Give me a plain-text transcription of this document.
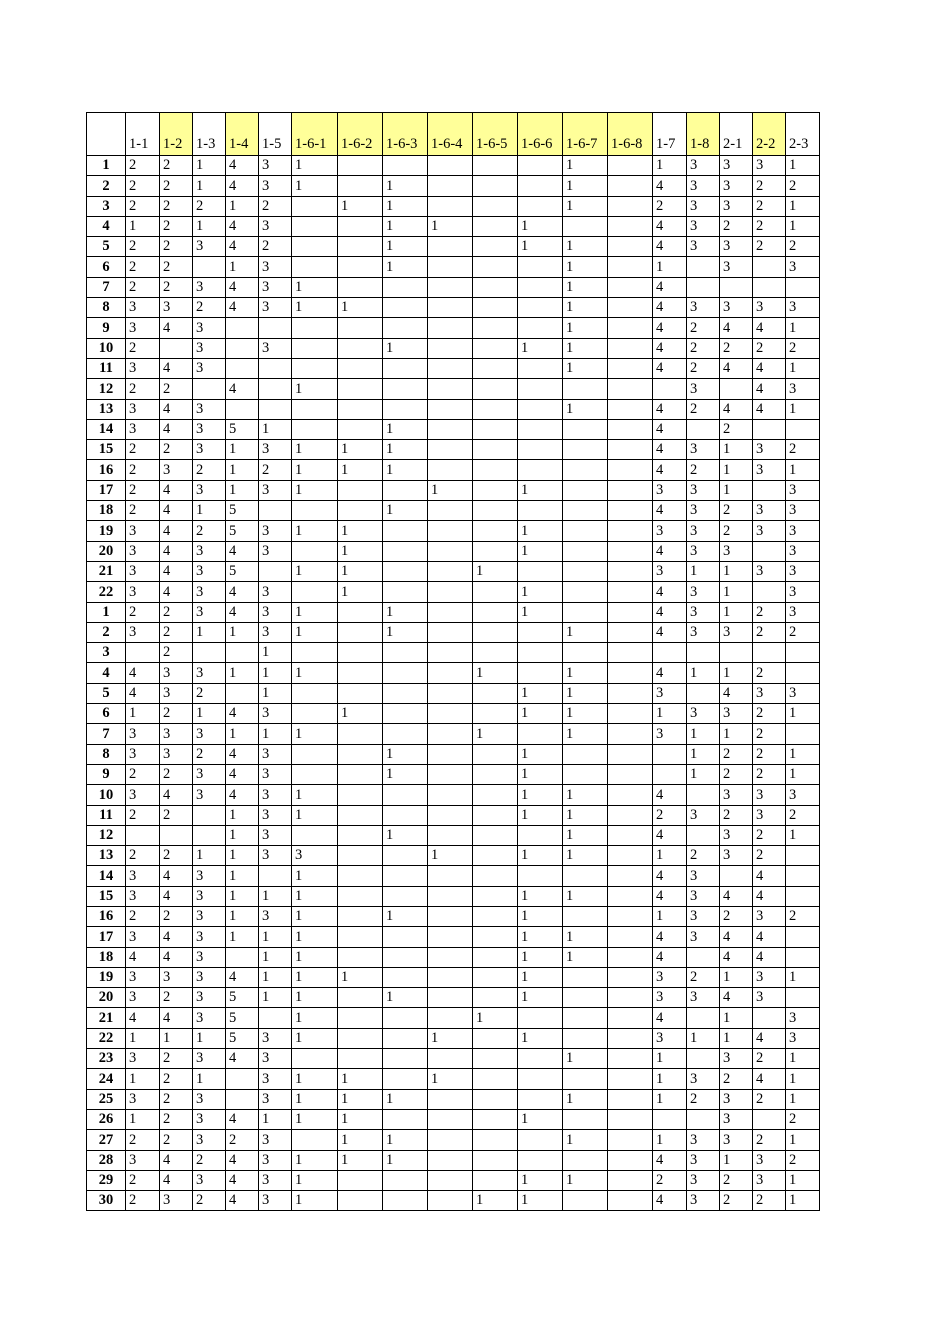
	1-1	1-2	1-3	1-4	1-5	1-6-1	1-6-2	1-6-3	1-6-4	1-6-5	1-6-6	1-6-7	1-6-8	1-7	1-8	2-1	2-2	2-3
1	2	2	1	4	3	1						1		1	3	3	3	1
2	2	2	1	4	3	1		1				1		4	3	3	2	2
3	2	2	2	1	2		1	1				1		2	3	3	2	1
4	1	2	1	4	3			1	1		1			4	3	2	2	1
5	2	2	3	4	2			1			1	1		4	3	3	2	2
6	2	2		1	3			1				1		1		3		3
7	2	2	3	4	3	1						1		4				
8	3	3	2	4	3	1	1					1		4	3	3	3	3
9	3	4	3									1		4	2	4	4	1
10	2		3		3			1			1	1		4	2	2	2	2
11	3	4	3									1		4	2	4	4	1
12	2	2		4		1									3		4	3
13	3	4	3									1		4	2	4	4	1
14	3	4	3	5	1			1						4		2		
15	2	2	3	1	3	1	1	1						4	3	1	3	2
16	2	3	2	1	2	1	1	1						4	2	1	3	1
17	2	4	3	1	3	1			1		1			3	3	1		3
18	2	4	1	5				1						4	3	2	3	3
19	3	4	2	5	3	1	1				1			3	3	2	3	3
20	3	4	3	4	3		1				1			4	3	3		3
21	3	4	3	5		1	1			1				3	1	1	3	3
22	3	4	3	4	3		1				1			4	3	1		3
1	2	2	3	4	3	1		1			1			4	3	1	2	3
2	3	2	1	1	3	1		1				1		4	3	3	2	2
3		2			1													
4	4	3	3	1	1	1				1		1		4	1	1	2	
5	4	3	2		1						1	1		3		4	3	3
6	1	2	1	4	3		1				1	1		1	3	3	2	1
7	3	3	3	1	1	1				1		1		3	1	1	2	
8	3	3	2	4	3			1			1				1	2	2	1
9	2	2	3	4	3			1			1				1	2	2	1
10	3	4	3	4	3	1					1	1		4		3	3	3
11	2	2		1	3	1					1	1		2	3	2	3	2
12				1	3			1				1		4		3	2	1
13	2	2	1	1	3	3			1		1	1		1	2	3	2	
14	3	4	3	1		1								4	3		4	
15	3	4	3	1	1	1					1	1		4	3	4	4	
16	2	2	3	1	3	1		1			1			1	3	2	3	2
17	3	4	3	1	1	1					1	1		4	3	4	4	
18	4	4	3		1	1					1	1		4		4	4	
19	3	3	3	4	1	1	1				1			3	2	1	3	1
20	3	2	3	5	1	1		1			1			3	3	4	3	
21	4	4	3	5		1				1				4		1		3
22	1	1	1	5	3	1			1		1			3	1	1	4	3
23	3	2	3	4	3							1		1		3	2	1
24	1	2	1		3	1	1		1					1	3	2	4	1
25	3	2	3		3	1	1	1				1		1	2	3	2	1
26	1	2	3	4	1	1	1				1					3		2
27	2	2	3	2	3		1	1				1		1	3	3	2	1
28	3	4	2	4	3	1	1	1						4	3	1	3	2
29	2	4	3	4	3	1					1	1		2	3	2	3	1
30	2	3	2	4	3	1				1	1			4	3	2	2	1
